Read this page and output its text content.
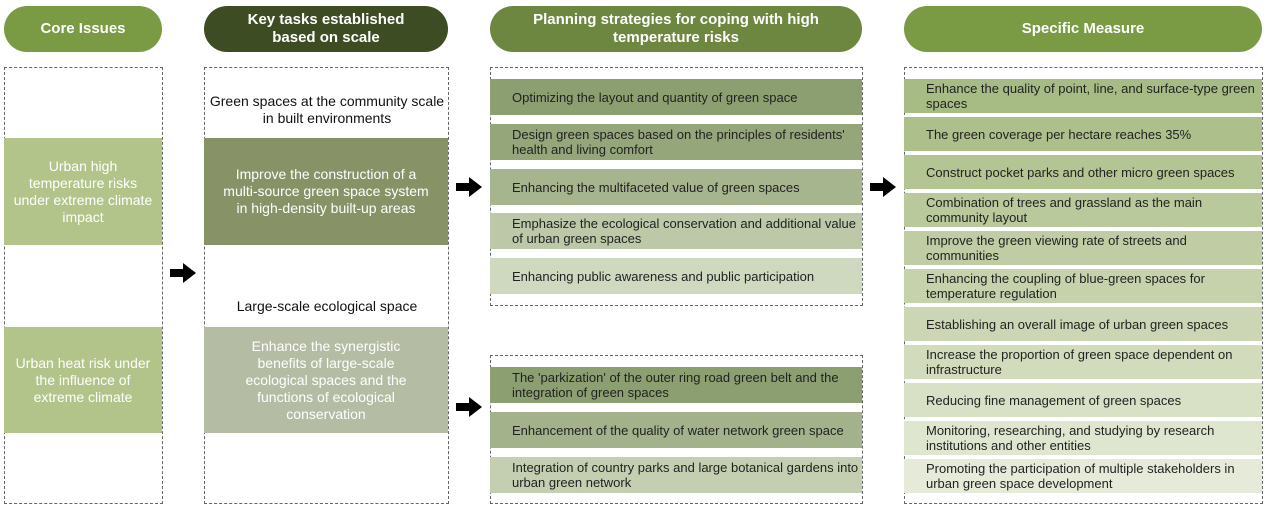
Core Issues
Key tasks established based on scale
Planning strategies for coping with high temperature risks
Specific Measure
Urban high temperature risks under extreme climate impact
Urban heat risk under the influence of extreme climate
Green spaces at the community scale in built environments
Improve the construction of a multi-source green space system in high-density built-up areas
Large-scale ecological space
Enhance the synergistic benefits of large-scale ecological spaces and the functions of ecological conservation
Optimizing the layout and quantity of green space
Design green spaces based on the principles of residents' health and living comfort
Enhancing the multifaceted value of green spaces
Emphasize the ecological conservation and additional value of urban green spaces
Enhancing public awareness and public participation
The 'parkization' of the outer ring road green belt and the integration of green spaces
Enhancement of the quality of water network green space
Integration of country parks and large botanical gardens into urban green network
Enhance the quality of point, line, and surface-type green spaces
The green coverage per hectare reaches 35%
Construct pocket parks and other micro green spaces
Combination of trees and grassland as the main community layout
Improve the green viewing rate of streets and communities
Enhancing the coupling of blue-green spaces for temperature regulation
Establishing an overall image of urban green spaces
Increase the proportion of green space dependent on infrastructure
Reducing fine management of green spaces
Monitoring, researching, and studying by research institutions and other entities
Promoting the participation of multiple stakeholders in urban green space development
